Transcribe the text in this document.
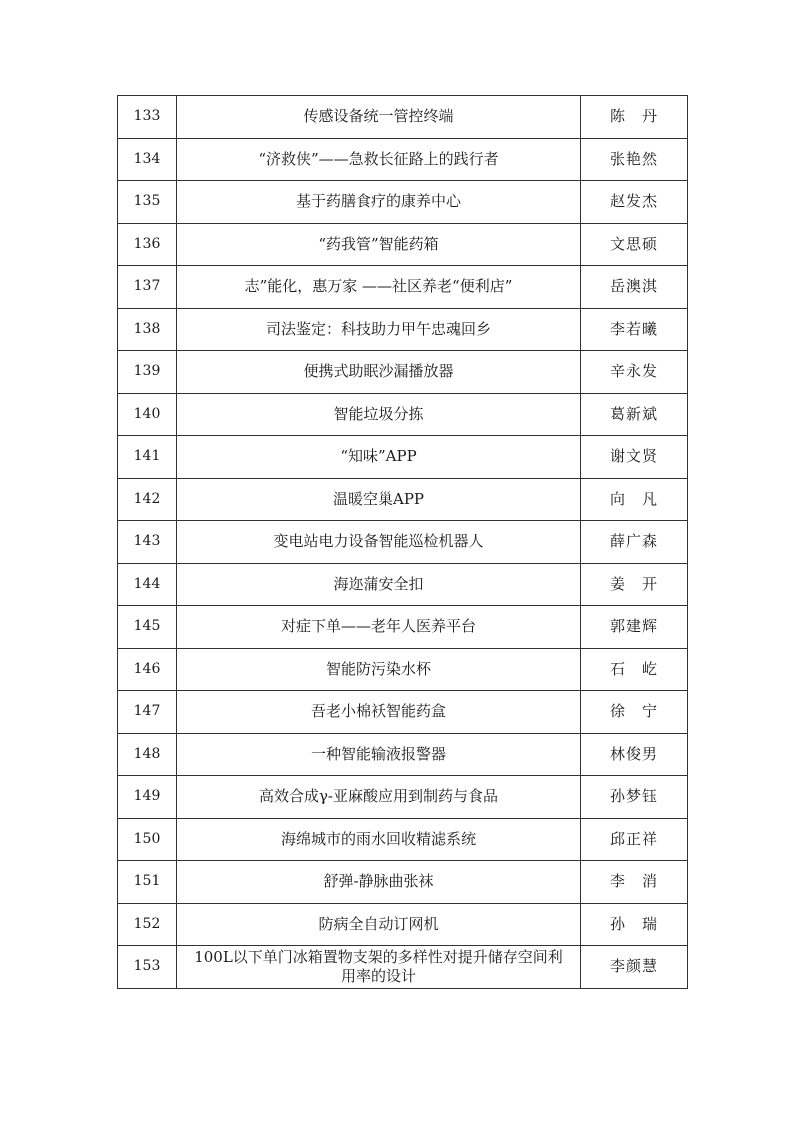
133	传感设备统一管控终端	陈　丹
134	“济救侠”——急救长征路上的践行者	张艳然
135	基于药膳食疗的康养中心	赵发杰
136	“药我管”智能药箱	文思硕
137	志”能化，惠万家 ——社区养老“便利店”	岳澳淇
138	司法鉴定：科技助力甲午忠魂回乡	李若曦
139	便携式助眠沙漏播放器	辛永发
140	智能垃圾分拣	葛新斌
141	“知味”APP	谢文贤
142	温暖空巢APP	向　凡
143	变电站电力设备智能巡检机器人	薛广森
144	海迩蒲安全扣	姜　开
145	对症下单——老年人医养平台	郭建辉
146	智能防污染水杯	石　屹
147	吾老小棉袄智能药盒	徐　宁
148	一种智能输液报警器	林俊男
149	高效合成γ-亚麻酸应用到制药与食品	孙梦钰
150	海绵城市的雨水回收精滤系统	邱正祥
151	舒弹-静脉曲张袜	李　消
152	防病全自动订网机	孙　瑞
153	100L以下单门冰箱置物支架的多样性对提升储存空间利用率的设计	李颜慧
